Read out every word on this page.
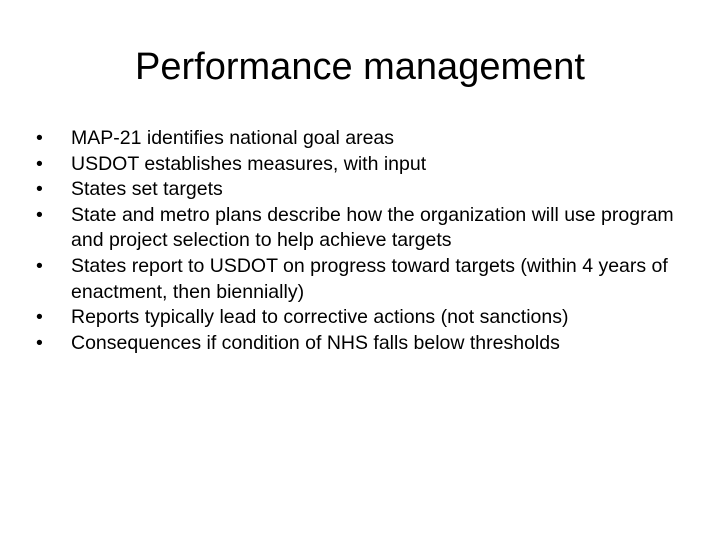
Performance management
•	MAP-21 identifies national goal areas
•	USDOT establishes measures, with input
•	States set targets
•	State and metro plans describe how the organization will use program and project selection to help achieve targets
•	States report to USDOT on progress toward targets (within 4 years of enactment, then biennially)
•	Reports typically lead to corrective actions (not sanctions)
•	Consequences if condition of NHS falls below thresholds
